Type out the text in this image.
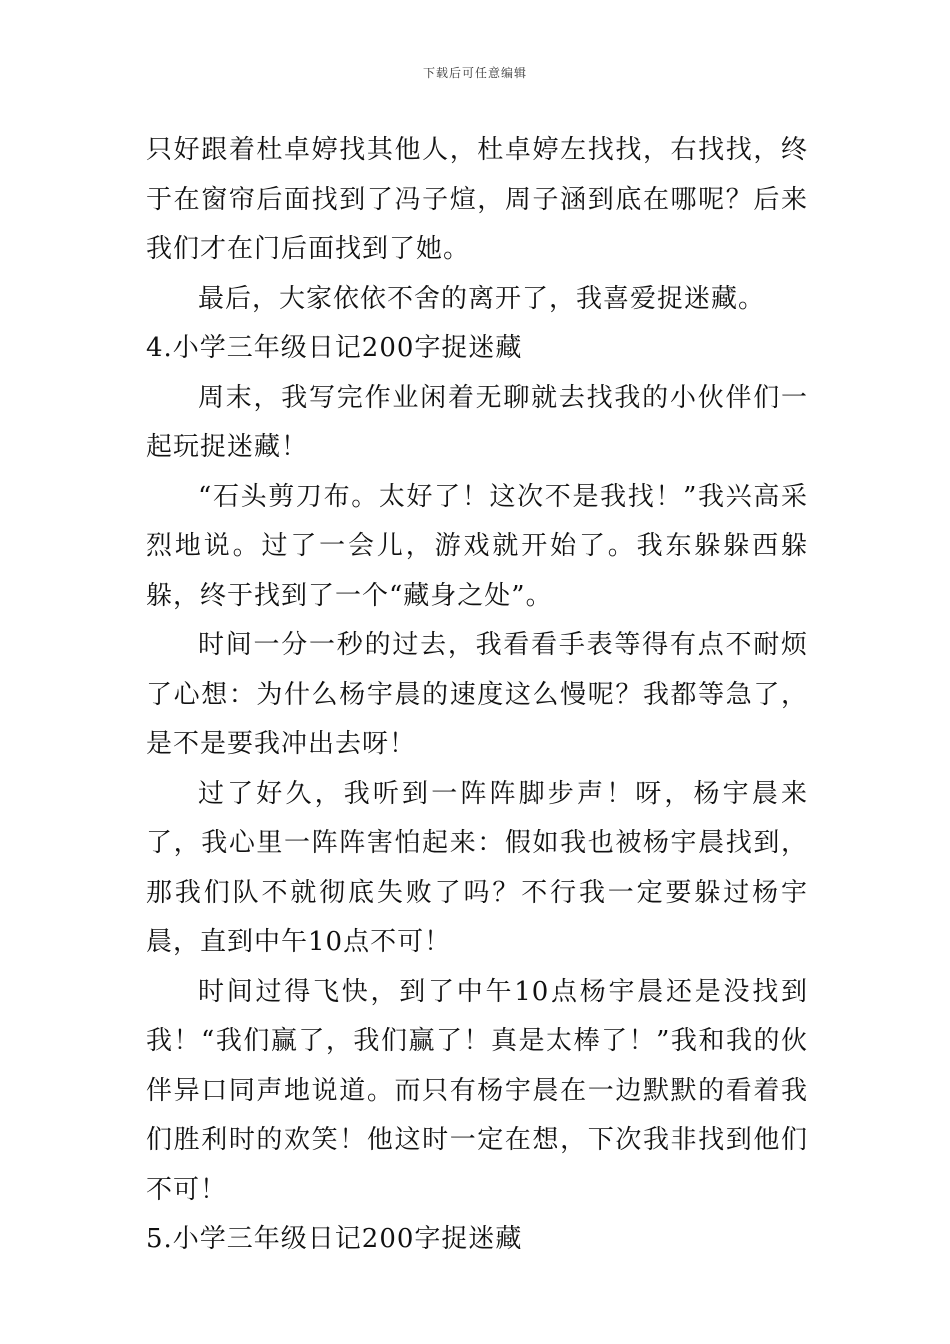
下载后可任意编辑

只好跟着杜卓婷找其他人，杜卓婷左找找，右找找，终于在窗帘后面找到了冯子煊，周子涵到底在哪呢？后来我们才在门后面找到了她。

最后，大家依依不舍的离开了，我喜爱捉迷藏。

4.小学三年级日记200字捉迷藏

周末，我写完作业闲着无聊就去找我的小伙伴们一起玩捉迷藏！

“石头剪刀布。太好了！这次不是我找！”我兴高采烈地说。过了一会儿，游戏就开始了。我东躲躲西躲躲，终于找到了一个“藏身之处”。

时间一分一秒的过去，我看看手表等得有点不耐烦了心想：为什么杨宇晨的速度这么慢呢？我都等急了，是不是要我冲出去呀！

过了好久，我听到一阵阵脚步声！呀，杨宇晨来了，我心里一阵阵害怕起来：假如我也被杨宇晨找到，那我们队不就彻底失败了吗？不行我一定要躲过杨宇晨，直到中午10点不可！

时间过得飞快，到了中午10点杨宇晨还是没找到我！“我们赢了，我们赢了！真是太棒了！”我和我的伙伴异口同声地说道。而只有杨宇晨在一边默默的看着我们胜利时的欢笑！他这时一定在想，下次我非找到他们不可！

5.小学三年级日记200字捉迷藏
